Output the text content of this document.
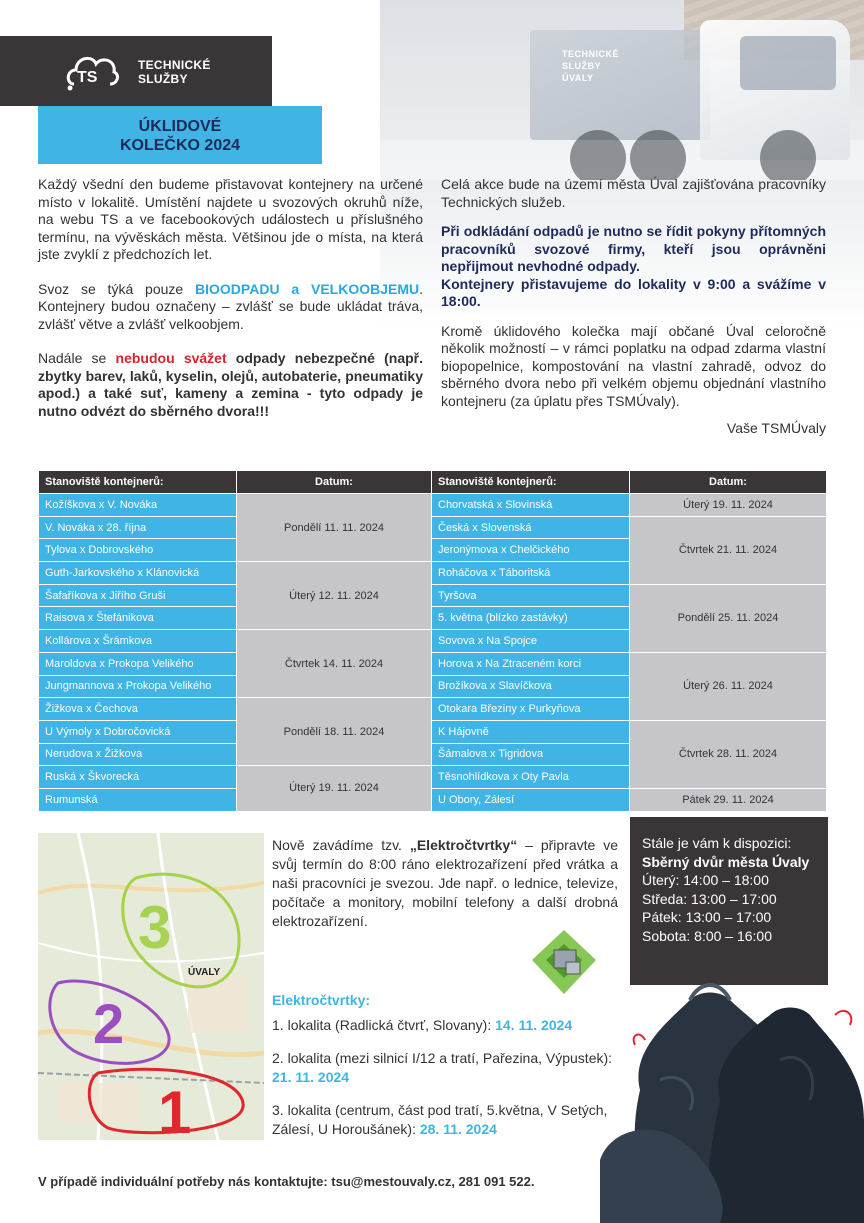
TECHNICKÉ
SLUŽBY
ÚVALY
TS
TECHNICKÉ
SLUŽBY
ÚKLIDOVÉ
KOLEČKO 2024

Každý všední den budeme přistavovat kontejnery na určené místo v lokalitě. Umístění najdete u svozových okruhů níže, na webu TS a ve facebookových událostech u příslušného termínu, na vývěskách města. Většinou jde o místa, na která jste zvyklí z předchozích let.

Svoz se týká pouze BIOODPADU a VELKOOBJEMU. Kontejnery budou označeny – zvlášť se bude ukládat tráva, zvlášť větve a zvlášť velkoobjem.

Nadále se nebudou svážet odpady nebezpečné (např. zbytky barev, laků, kyselin, olejů, autobaterie, pneumatiky apod.) a také suť, kameny a zemina - tyto odpady je nutno odvézt do sběrného dvora!!!

Celá akce bude na území města Úval zajišťována pracovníky Technických služeb.

Při odkládání odpadů je nutno se řídit pokyny přítomných pracovníků svozové firmy, kteří jsou oprávněni nepřijmout nevhodné odpady.

Kontejnery přistavujeme do lokality v 9:00 a svážíme v 18:00.

Kromě úklidového kolečka mají občané Úval celoročně několik možností – v rámci poplatku na odpad zdarma vlastní biopopelnice, kompostování na vlastní zahradě, odvoz do sběrného dvora nebo při velkém objemu objednání vlastního kontejneru (za úplatu přes TSMÚvaly).

Vaše TSMÚvaly

Stanoviště kontejnerů:	Datum:	Stanoviště kontejnerů:	Datum:
Kožíškova x V. Nováka	Pondělí 11. 11. 2024	Chorvatská x Slovinská	Úterý 19. 11. 2024
V. Nováka x 28. října		Česká x Slovenská	Čtvrtek 21. 11. 2024
Tylova x Dobrovského		Jeronýmova x Chelčického	
Guth-Jarkovského x Klánovická	Úterý 12. 11. 2024	Roháčova x Táboritská	
Šafaříkova x Jiřího Gruši		Tyršova	Pondělí 25. 11. 2024
Raisova x Štefánikova		5. května (blízko zastávky)	
Kollárova x Šrámkova	Čtvrtek 14. 11. 2024	Sovova x Na Spojce	
Maroldova x Prokopa Velikého		Horova x Na Ztraceném korci	Úterý 26. 11. 2024
Jungmannova x Prokopa Velikého		Brožíkova x Slavíčkova	
Žižkova x Čechova	Pondělí 18. 11. 2024	Otokara Březiny x Purkyňova	
U Výmoly x Dobročovická		K Hájovně	Čtvrtek 28. 11. 2024
Nerudova x Žižkova		Šámalova x Tigridova	
Ruská x Škvorecká	Úterý 19. 11. 2024	Těsnohlídkova x Oty Pavla	
Rumunská		U Obory, Zálesí	Pátek 29. 11. 2024
ÚVALY
3
2
1

Nově zavádíme tzv. „Elektročtvrtky“ – připravte ve svůj termín do 8:00 ráno elektrozařízení před vrátka a naši pracovníci je svezou. Jde např. o lednice, televize, počítače a monitory, mobilní telefony a další drobná elektrozařízení.

Elektročtvrtky:
1. lokalita (Radlická čtvrť, Slovany): 14. 11. 2024
2. lokalita (mezi silnicí I/12 a tratí, Pařezina, Výpustek): 21. 11. 2024
3. lokalita (centrum, část pod tratí, 5.května, V Setých, Zálesí, U Horoušánek): 28. 11. 2024
Stále je vám k dispozici:
Sběrný dvůr města Úvaly
Úterý: 14:00 – 18:00
Středa: 13:00 – 17:00
Pátek: 13:00 – 17:00
Sobota: 8:00 – 16:00
V případě individuální potřeby nás kontaktujte: tsu@mestouvaly.cz, 281 091 522.
